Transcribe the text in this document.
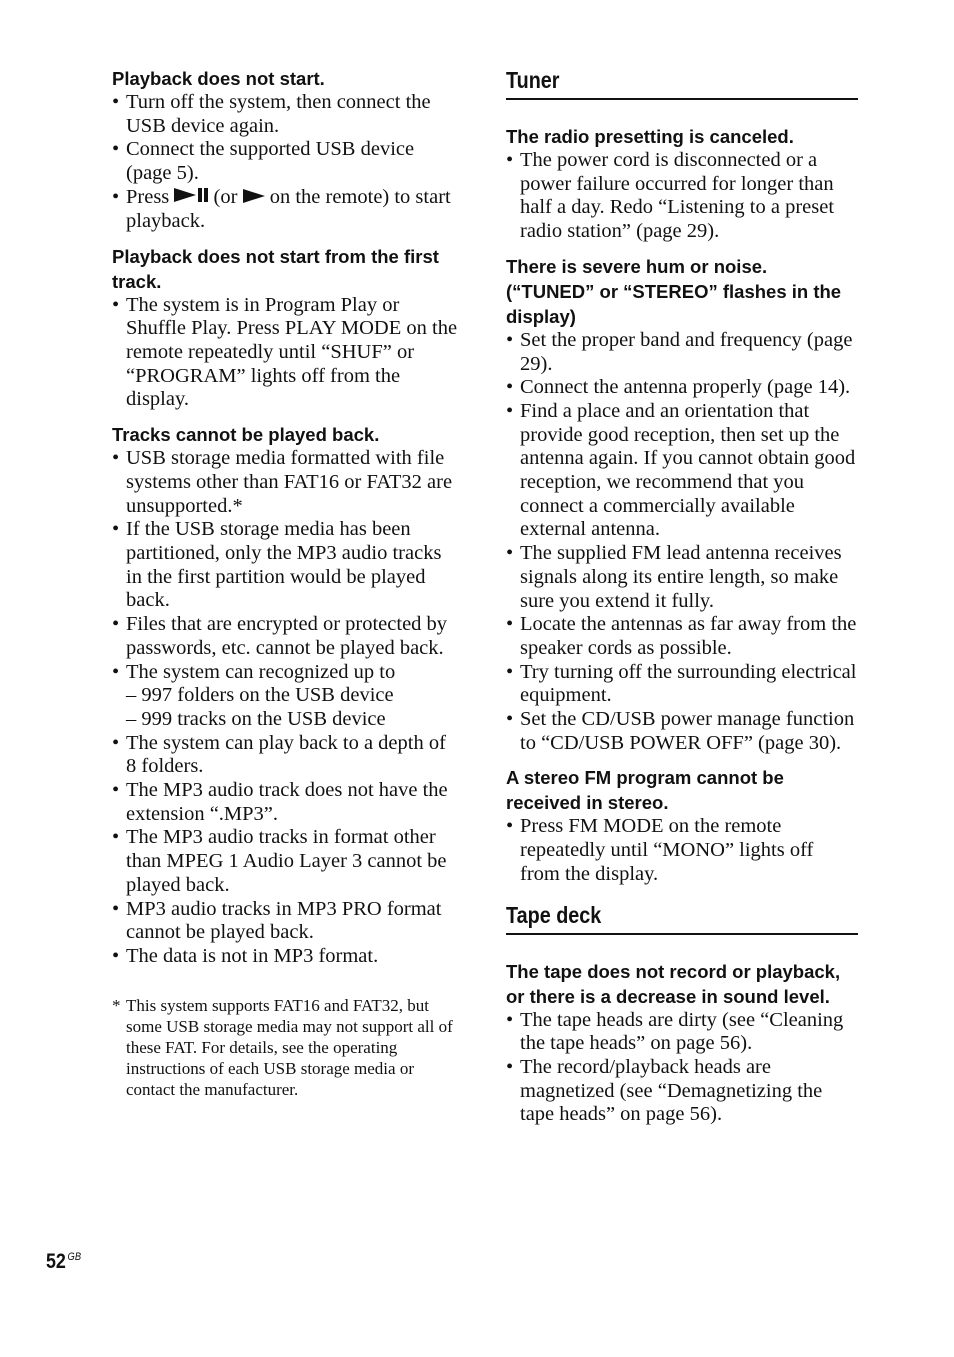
Playback does not start.

• Turn off the system, then connect the USB device again.
• Connect the supported USB device (page 5).
• Press (or on the remote) to start playback.

Playback does not start from the first track.

• The system is in Program Play or Shuffle Play. Press PLAY MODE on the remote repeatedly until “SHUF” or “PROGRAM” lights off from the display.

Tracks cannot be played back.

• USB storage media formatted with file systems other than FAT16 or FAT32 are unsupported.*
• If the USB storage media has been partitioned, only the MP3 audio tracks in the first partition would be played back.
• Files that are encrypted or protected by passwords, etc. cannot be played back.
• The system can recognized up to
– 997 folders on the USB device
– 999 tracks on the USB device
• The system can play back to a depth of 8 folders.
• The MP3 audio track does not have the extension “.MP3”.
• The MP3 audio tracks in format other than MPEG 1 Audio Layer 3 cannot be played back.
• MP3 audio tracks in MP3 PRO format cannot be played back.
• The data is not in MP3 format.
* This system supports FAT16 and FAT32, but some USB storage media may not support all of these FAT. For details, see the operating instructions of each USB storage media or contact the manufacturer.
Tuner

The radio presetting is canceled.

• The power cord is disconnected or a power failure occurred for longer than half a day. Redo “Listening to a preset radio station” (page 29).

There is severe hum or noise. (“TUNED” or “STEREO” flashes in the display)

• Set the proper band and frequency (page 29).
• Connect the antenna properly (page 14).
• Find a place and an orientation that provide good reception, then set up the antenna again. If you cannot obtain good reception, we recommend that you connect a commercially available external antenna.
• The supplied FM lead antenna receives signals along its entire length, so make sure you extend it fully.
• Locate the antennas as far away from the speaker cords as possible.
• Try turning off the surrounding electrical equipment.
• Set the CD/USB power manage function to “CD/USB POWER OFF” (page 30).

A stereo FM program cannot be received in stereo.

• Press FM MODE on the remote repeatedly until “MONO” lights off from the display.
Tape deck

The tape does not record or playback, or there is a decrease in sound level.

• The tape heads are dirty (see “Cleaning the tape heads” on page 56).
• The record/playback heads are magnetized (see “Demagnetizing the tape heads” on page 56).
52 $^{GB}$
